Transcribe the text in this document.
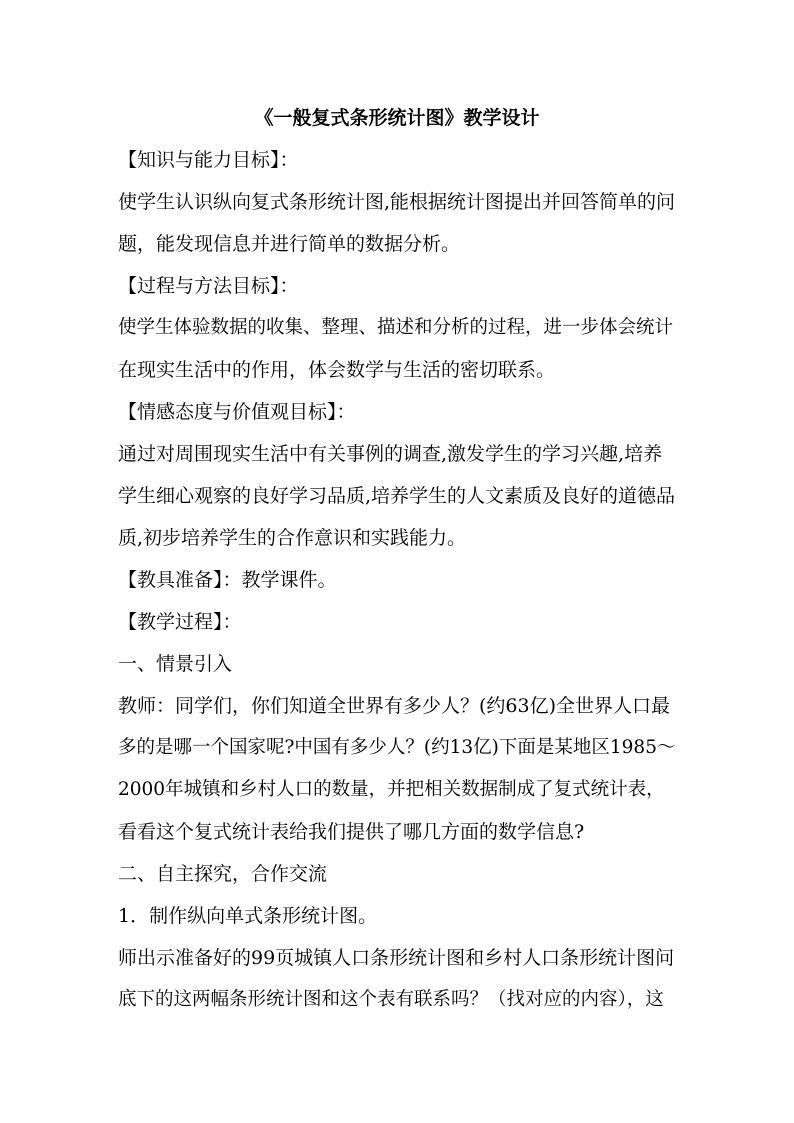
《一般复式条形统计图》教学设计
【知识与能力目标】：
使学生认识纵向复式条形统计图,能根据统计图提出并回答简单的问
题，能发现信息并进行简单的数据分析。
【过程与方法目标】：
使学生体验数据的收集、整理、描述和分析的过程，进一步体会统计
在现实生活中的作用，体会数学与生活的密切联系。
【情感态度与价值观目标】：
通过对周围现实生活中有关事例的调查,激发学生的学习兴趣,培养
学生细心观察的良好学习品质,培养学生的人文素质及良好的道德品
质,初步培养学生的合作意识和实践能力。
【教具准备】：教学课件。
【教学过程】：
一、情景引入
教师：同学们，你们知道全世界有多少人？(约63亿)全世界人口最
多的是哪一个国家呢?中国有多少人？(约13亿)下面是某地区1985～
2000年城镇和乡村人口的数量，并把相关数据制成了复式统计表，
看看这个复式统计表给我们提供了哪几方面的数学信息?
二、自主探究，合作交流
1．制作纵向单式条形统计图。
师出示准备好的99页城镇人口条形统计图和乡村人口条形统计图问
底下的这两幅条形统计图和这个表有联系吗？（找对应的内容），这
